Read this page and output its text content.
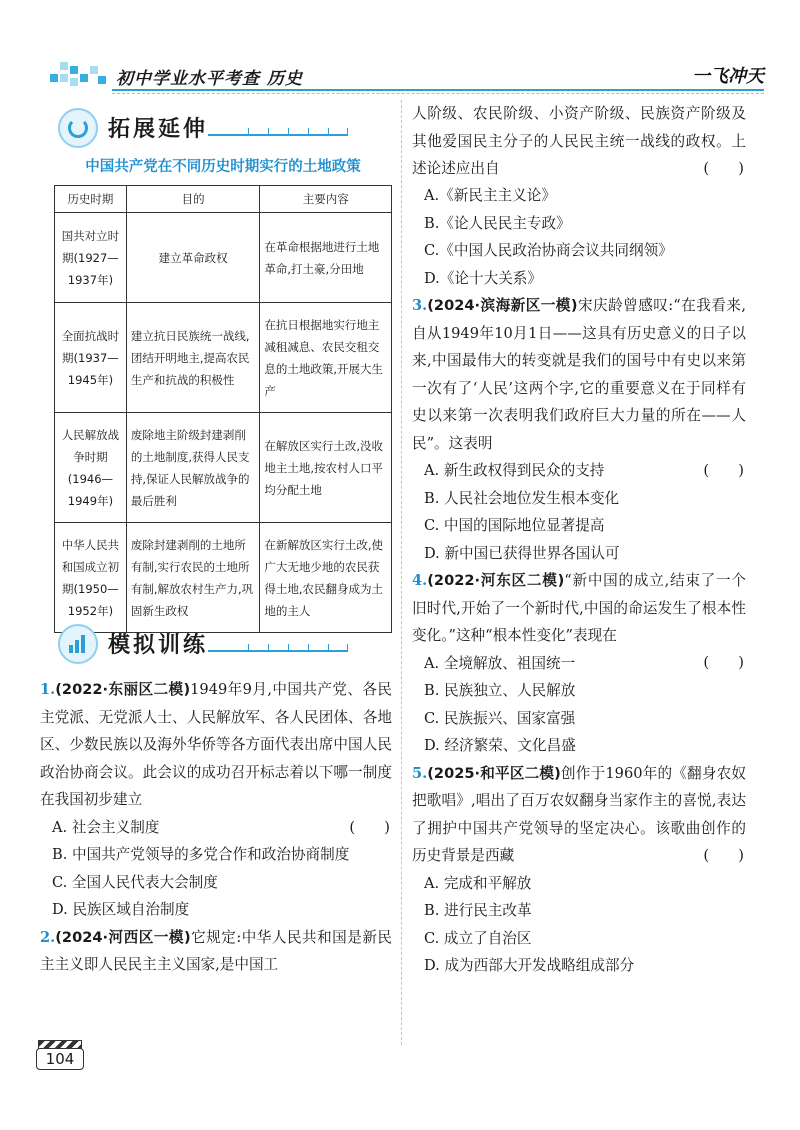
初中学业水平考查 历史	一飞冲天
拓展延伸
中国共产党在不同历史时期实行的土地政策
历史时期	目的	主要内容
国共对立时期(1927—1937年)	建立革命政权	在革命根据地进行土地革命,打土豪,分田地
全面抗战时期(1937—1945年)	建立抗日民族统一战线,团结开明地主,提高农民生产和抗战的积极性	在抗日根据地实行地主减租减息、农民交租交息的土地政策,开展大生产
人民解放战争时期(1946—1949年)	废除地主阶级封建剥削的土地制度,获得人民支持,保证人民解放战争的最后胜利	在解放区实行土改,没收地主土地,按农村人口平均分配土地
中华人民共和国成立初期(1950—1952年)	废除封建剥削的土地所有制,实行农民的土地所有制,解放农村生产力,巩固新生政权	在新解放区实行土改,使广大无地少地的农民获得土地,农民翻身成为土地的主人
模拟训练
1.(2022·东丽区二模)1949年9月,中国共产党、各民主党派、无党派人士、人民解放军、各人民团体、各地区、少数民族以及海外华侨等各方面代表出席中国人民政治协商会议。此会议的成功召开标志着以下哪一制度在我国初步建立
(　　)
A. 社会主义制度
B. 中国共产党领导的多党合作和政治协商制度
C. 全国人民代表大会制度
D. 民族区域自治制度
2.(2024·河西区一模)它规定:中华人民共和国是新民主主义即人民民主主义国家,是中国工
人阶级、农民阶级、小资产阶级、民族资产阶级及其他爱国民主分子的人民民主统一战线的政权。上述论述应出自	(　　)
A.《新民主主义论》
B.《论人民民主专政》
C.《中国人民政治协商会议共同纲领》
D.《论十大关系》
3.(2024·滨海新区一模)宋庆龄曾感叹:“在我看来,自从1949年10月1日——这具有历史意义的日子以来,中国最伟大的转变就是我们的国号中有史以来第一次有了‘人民’这两个字,它的重要意义在于同样有史以来第一次表明我们政府巨大力量的所在——人民”。这表明
(　　)
A. 新生政权得到民众的支持
B. 人民社会地位发生根本变化
C. 中国的国际地位显著提高
D. 新中国已获得世界各国认可
4.(2022·河东区二模)“新中国的成立,结束了一个旧时代,开始了一个新时代,中国的命运发生了根本性变化。”这种“根本性变化”表现在
(　　)
A. 全境解放、祖国统一
B. 民族独立、人民解放
C. 民族振兴、国家富强
D. 经济繁荣、文化昌盛
5.(2025·和平区二模)创作于1960年的《翻身农奴把歌唱》,唱出了百万农奴翻身当家作主的喜悦,表达了拥护中国共产党领导的坚定决心。该歌曲创作的历史背景是西藏	(　　)
A. 完成和平解放
B. 进行民主改革
C. 成立了自治区
D. 成为西部大开发战略组成部分
104
